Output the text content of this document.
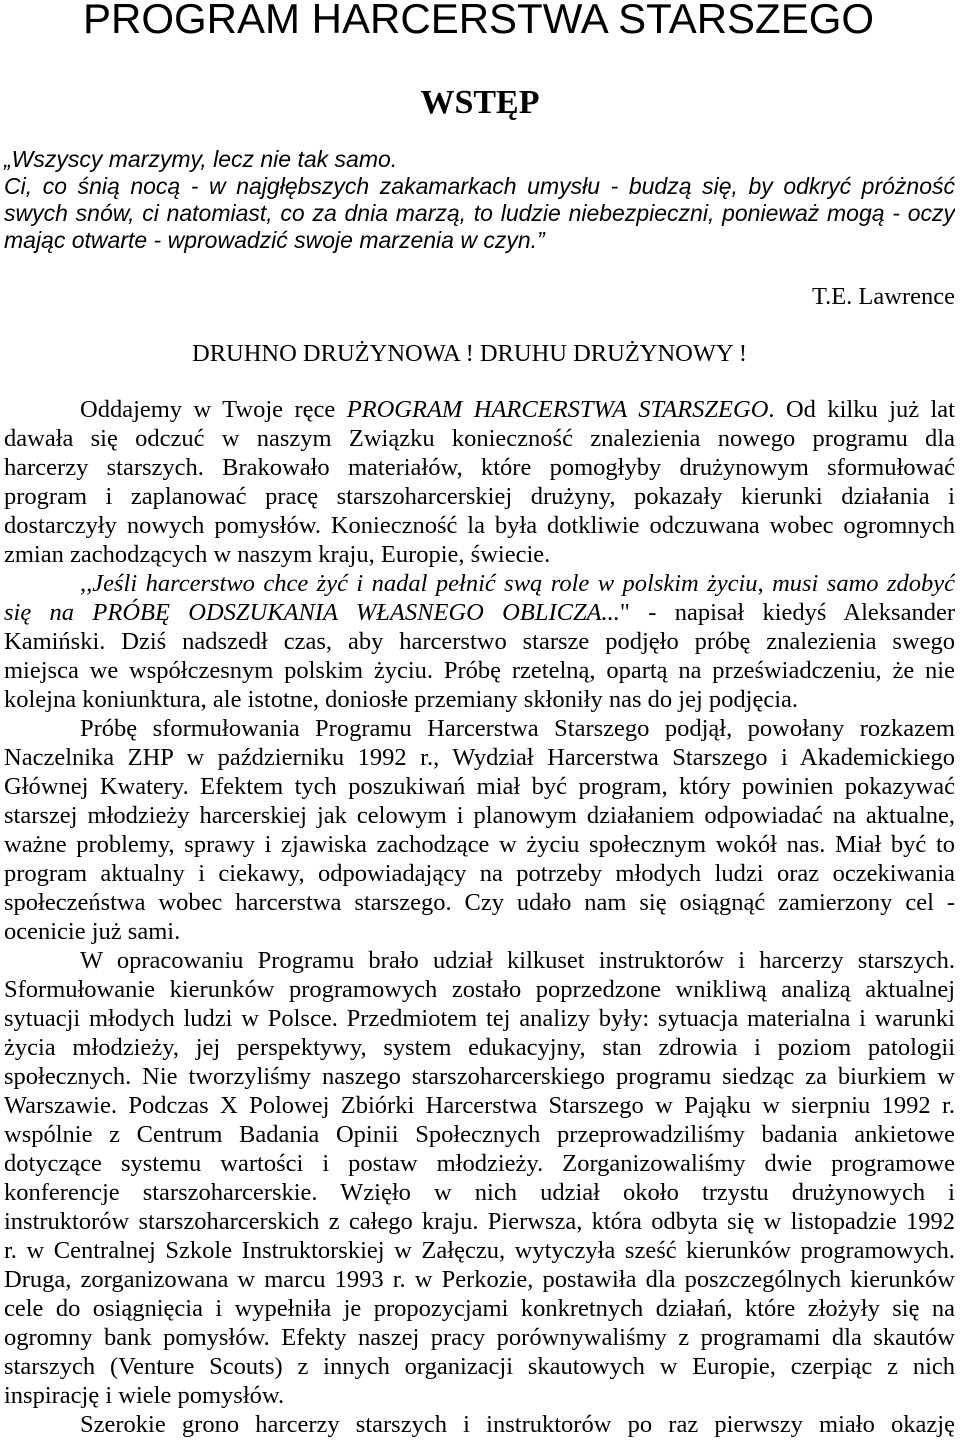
PROGRAM HARCERSTWA STARSZEGO
WSTĘP
„Wszyscy marzymy, lecz nie tak samo.
Ci, co śnią nocą - w najgłębszych zakamarkach umysłu - budzą się, by odkryć próżność
swych snów, ci natomiast, co za dnia marzą, to ludzie niebezpieczni, ponieważ mogą - oczy
mając otwarte - wprowadzić swoje marzenia w czyn.”
T.E. Lawrence
DRUHNO DRUŻYNOWA ! DRUHU DRUŻYNOWY !
Oddajemy w Twoje ręce PROGRAM HARCERSTWA STARSZEGO. Od kilku już lat
dawała się odczuć w naszym Związku konieczność znalezienia nowego programu dla
harcerzy starszych. Brakowało materiałów, które pomogłyby drużynowym sformułować
program i zaplanować pracę starszoharcerskiej drużyny, pokazały kierunki działania i
dostarczyły nowych pomysłów. Konieczność la była dotkliwie odczuwana wobec ogromnych
zmian zachodzących w naszym kraju, Europie, świecie.
,,Jeśli harcerstwo chce żyć i nadal pełnić swą role w polskim życiu, musi samo zdobyć
się na PRÓBĘ ODSZUKANIA WŁASNEGO OBLICZA..." - napisał kiedyś Aleksander
Kamiński. Dziś nadszedł czas, aby harcerstwo starsze podjęło próbę znalezienia swego
miejsca we współczesnym polskim życiu. Próbę rzetelną, opartą na przeświadczeniu, że nie
kolejna koniunktura, ale istotne, doniosłe przemiany skłoniły nas do jej podjęcia.
Próbę sformułowania Programu Harcerstwa Starszego podjął, powołany rozkazem
Naczelnika ZHP w październiku 1992 r., Wydział Harcerstwa Starszego i Akademickiego
Głównej Kwatery. Efektem tych poszukiwań miał być program, który powinien pokazywać
starszej młodzieży harcerskiej jak celowym i planowym działaniem odpowiadać na aktualne,
ważne problemy, sprawy i zjawiska zachodzące w życiu społecznym wokół nas. Miał być to
program aktualny i ciekawy, odpowiadający na potrzeby młodych ludzi oraz oczekiwania
społeczeństwa wobec harcerstwa starszego. Czy udało nam się osiągnąć zamierzony cel -
ocenicie już sami.
W opracowaniu Programu brało udział kilkuset instruktorów i harcerzy starszych.
Sformułowanie kierunków programowych zostało poprzedzone wnikliwą analizą aktualnej
sytuacji młodych ludzi w Polsce. Przedmiotem tej analizy były: sytuacja materialna i warunki
życia młodzieży, jej perspektywy, system edukacyjny, stan zdrowia i poziom patologii
społecznych. Nie tworzyliśmy naszego starszoharcerskiego programu siedząc za biurkiem w
Warszawie. Podczas X Polowej Zbiórki Harcerstwa Starszego w Pająku w sierpniu 1992 r.
wspólnie z Centrum Badania Opinii Społecznych przeprowadziliśmy badania ankietowe
dotyczące systemu wartości i postaw młodzieży. Zorganizowaliśmy dwie programowe
konferencje starszoharcerskie. Wzięło w nich udział około trzystu drużynowych i
instruktorów starszoharcerskich z całego kraju. Pierwsza, która odbyta się w listopadzie 1992
r. w Centralnej Szkole Instruktorskiej w Załęczu, wytyczyła sześć kierunków programowych.
Druga, zorganizowana w marcu 1993 r. w Perkozie, postawiła dla poszczególnych kierunków
cele do osiągnięcia i wypełniła je propozycjami konkretnych działań, które złożyły się na
ogromny bank pomysłów. Efekty naszej pracy porównywaliśmy z programami dla skautów
starszych (Venture Scouts) z innych organizacji skautowych w Europie, czerpiąc z nich
inspirację i wiele pomysłów.
Szerokie grono harcerzy starszych i instruktorów po raz pierwszy miało okazję
